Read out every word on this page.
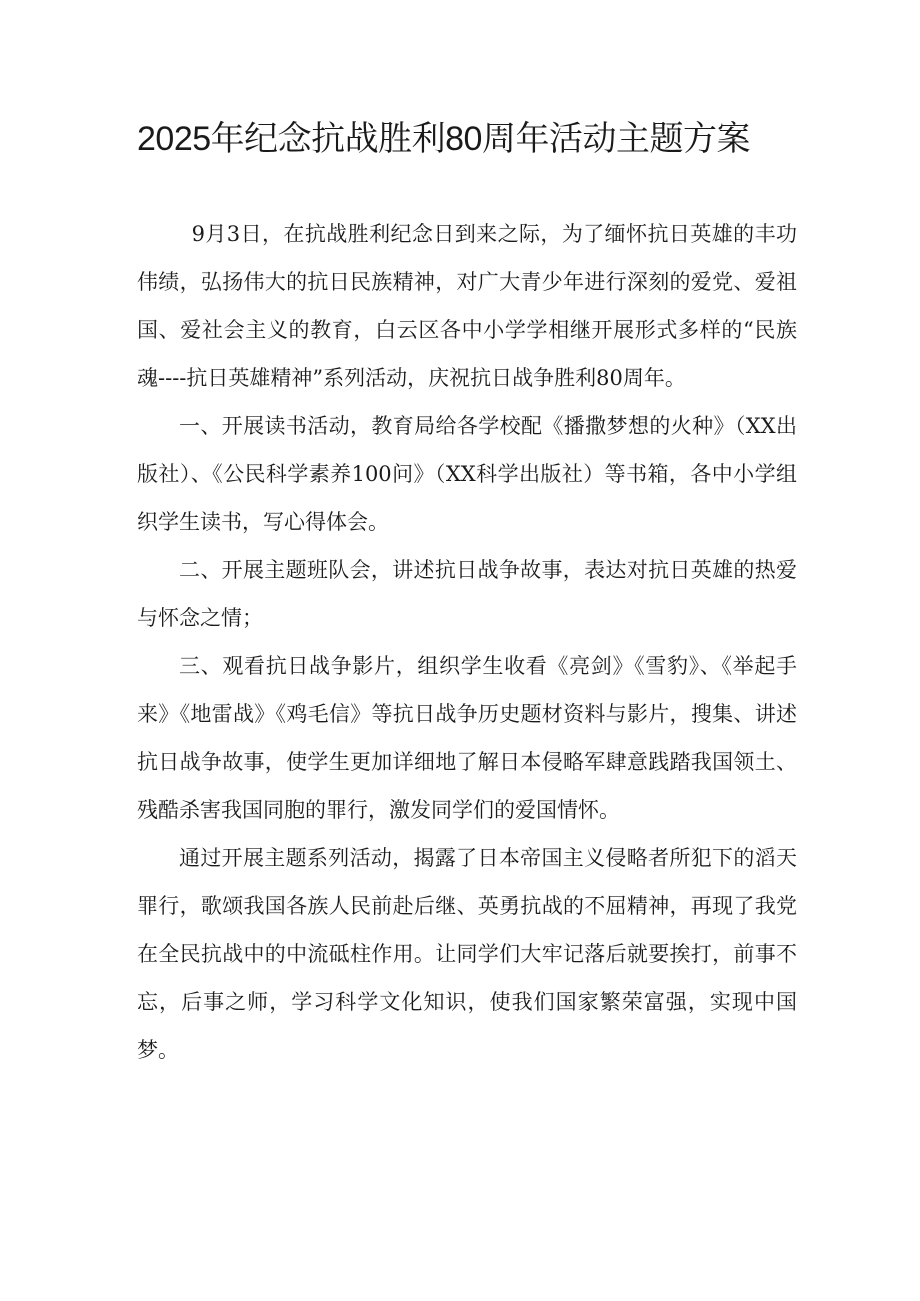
2025年纪念抗战胜利80周年活动主题方案

9月3日，在抗战胜利纪念日到来之际，为了缅怀抗日英雄的丰功伟绩，弘扬伟大的抗日民族精神，对广大青少年进行深刻的爱党、爱祖国、爱社会主义的教育，白云区各中小学学相继开展形式多样的“民族魂----抗日英雄精神”系列活动，庆祝抗日战争胜利80周年。

一、开展读书活动，教育局给各学校配《播撒梦想的火种》（XX出版社）、《公民科学素养100问》（XX科学出版社）等书箱，各中小学组织学生读书，写心得体会。

二、开展主题班队会，讲述抗日战争故事，表达对抗日英雄的热爱与怀念之情；

三、观看抗日战争影片，组织学生收看《亮剑》《雪豹》、《举起手来》《地雷战》《鸡毛信》等抗日战争历史题材资料与影片，搜集、讲述抗日战争故事，使学生更加详细地了解日本侵略军肆意践踏我国领土、残酷杀害我国同胞的罪行，激发同学们的爱国情怀。

通过开展主题系列活动，揭露了日本帝国主义侵略者所犯下的滔天罪行，歌颂我国各族人民前赴后继、英勇抗战的不屈精神，再现了我党在全民抗战中的中流砥柱作用。让同学们大牢记落后就要挨打，前事不忘，后事之师，学习科学文化知识，使我们国家繁荣富强，实现中国梦。
